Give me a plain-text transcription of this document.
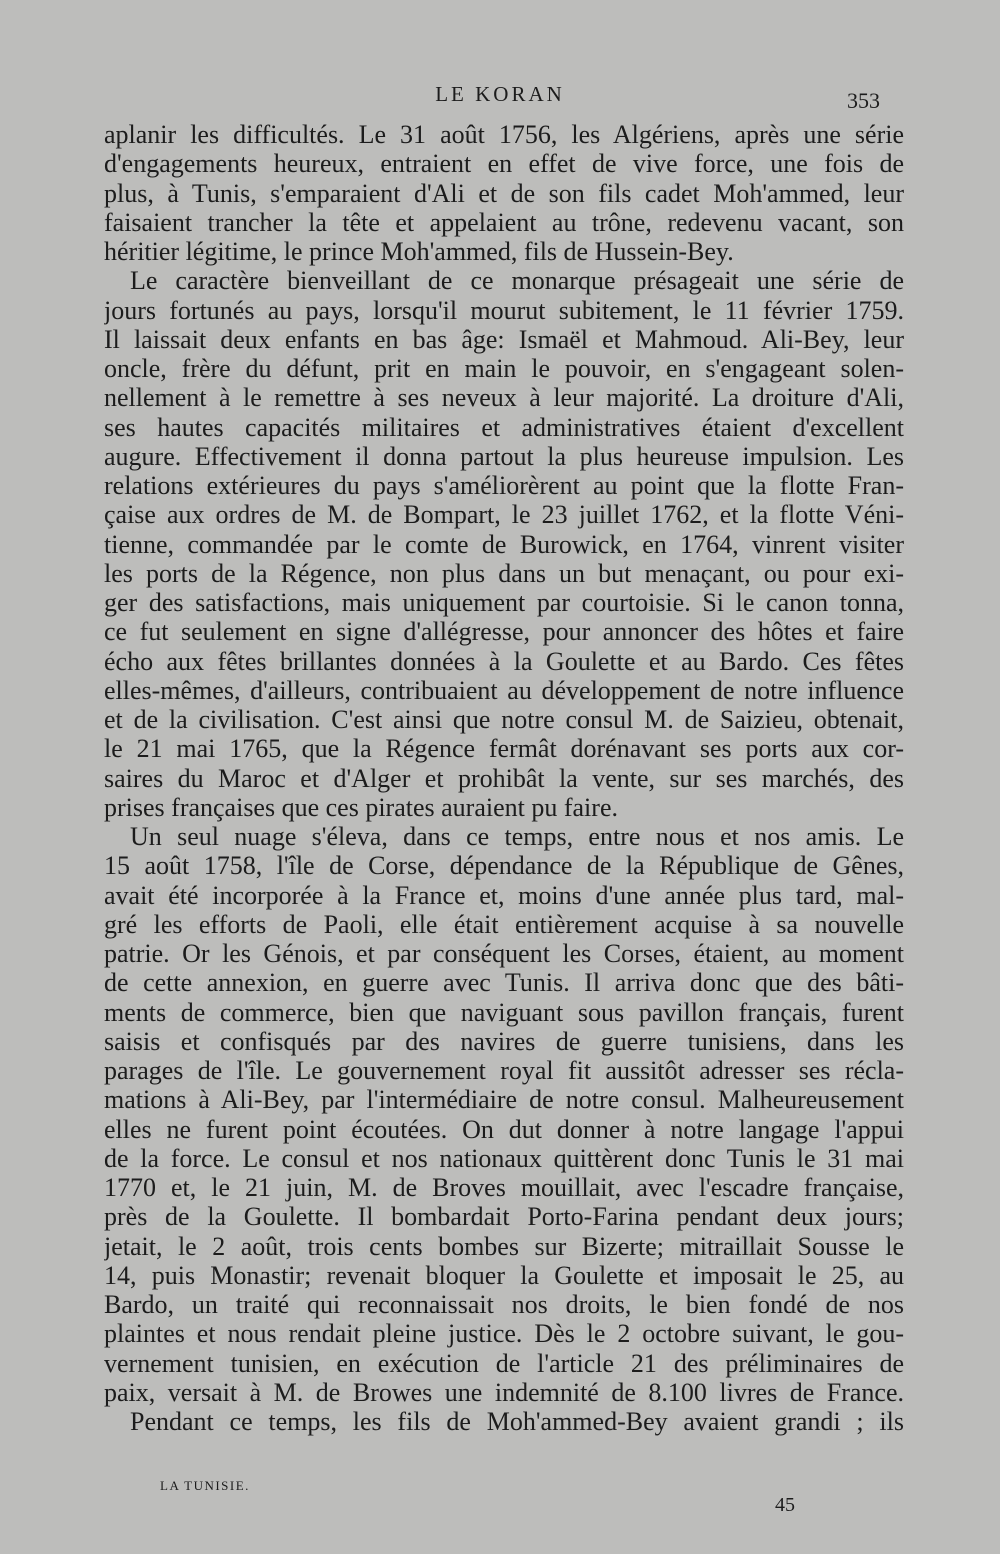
LE KORAN	353
aplanir les difficultés. Le 31 août 1756, les Algériens, après une série
d'engagements heureux, entraient en effet de vive force, une fois de
plus, à Tunis, s'emparaient d'Ali et de son fils cadet Moh'ammed, leur
faisaient trancher la tête et appelaient au trône, redevenu vacant, son
héritier légitime, le prince Moh'ammed, fils de Hussein-Bey.
Le caractère bienveillant de ce monarque présageait une série de
jours fortunés au pays, lorsqu'il mourut subitement, le 11 février 1759.
Il laissait deux enfants en bas âge: Ismaël et Mahmoud. Ali-Bey, leur
oncle, frère du défunt, prit en main le pouvoir, en s'engageant solen-
nellement à le remettre à ses neveux à leur majorité. La droiture d'Ali,
ses hautes capacités militaires et administratives étaient d'excellent
augure. Effectivement il donna partout la plus heureuse impulsion. Les
relations extérieures du pays s'améliorèrent au point que la flotte Fran-
çaise aux ordres de M. de Bompart, le 23 juillet 1762, et la flotte Véni-
tienne, commandée par le comte de Burowick, en 1764, vinrent visiter
les ports de la Régence, non plus dans un but menaçant, ou pour exi-
ger des satisfactions, mais uniquement par courtoisie. Si le canon tonna,
ce fut seulement en signe d'allégresse, pour annoncer des hôtes et faire
écho aux fêtes brillantes données à la Goulette et au Bardo. Ces fêtes
elles-mêmes, d'ailleurs, contribuaient au développement de notre influence
et de la civilisation. C'est ainsi que notre consul M. de Saizieu, obtenait,
le 21 mai 1765, que la Régence fermât dorénavant ses ports aux cor-
saires du Maroc et d'Alger et prohibât la vente, sur ses marchés, des
prises françaises que ces pirates auraient pu faire.
Un seul nuage s'éleva, dans ce temps, entre nous et nos amis. Le
15 août 1758, l'île de Corse, dépendance de la République de Gênes,
avait été incorporée à la France et, moins d'une année plus tard, mal-
gré les efforts de Paoli, elle était entièrement acquise à sa nouvelle
patrie. Or les Génois, et par conséquent les Corses, étaient, au moment
de cette annexion, en guerre avec Tunis. Il arriva donc que des bâti-
ments de commerce, bien que naviguant sous pavillon français, furent
saisis et confisqués par des navires de guerre tunisiens, dans les
parages de l'île. Le gouvernement royal fit aussitôt adresser ses récla-
mations à Ali-Bey, par l'intermédiaire de notre consul. Malheureusement
elles ne furent point écoutées. On dut donner à notre langage l'appui
de la force. Le consul et nos nationaux quittèrent donc Tunis le 31 mai
1770 et, le 21 juin, M. de Broves mouillait, avec l'escadre française,
près de la Goulette. Il bombardait Porto-Farina pendant deux jours;
jetait, le 2 août, trois cents bombes sur Bizerte; mitraillait Sousse le
14, puis Monastir; revenait bloquer la Goulette et imposait le 25, au
Bardo, un traité qui reconnaissait nos droits, le bien fondé de nos
plaintes et nous rendait pleine justice. Dès le 2 octobre suivant, le gou-
vernement tunisien, en exécution de l'article 21 des préliminaires de
paix, versait à M. de Browes une indemnité de 8.100 livres de France.
Pendant ce temps, les fils de Moh'ammed-Bey avaient grandi ; ils
LA TUNISIE.
45
